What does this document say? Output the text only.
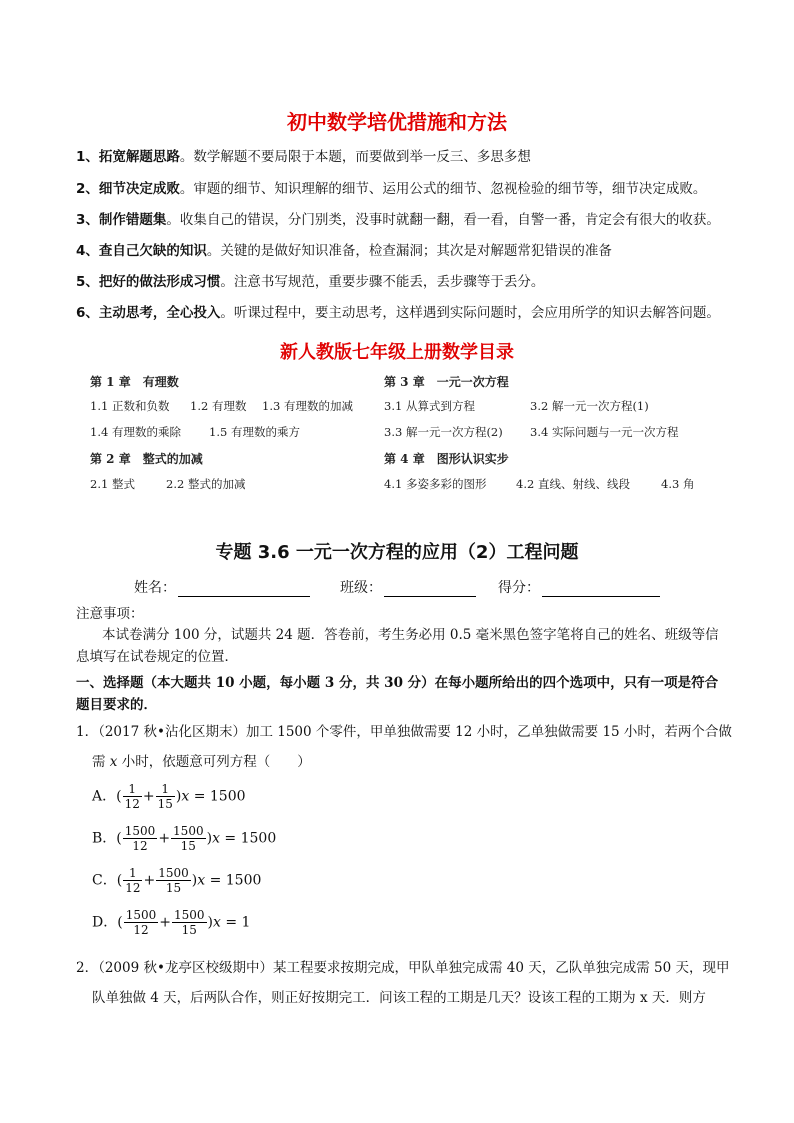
初中数学培优措施和方法
1、拓宽解题思路。数学解题不要局限于本题，而要做到举一反三、多思多想
2、细节决定成败。审题的细节、知识理解的细节、运用公式的细节、忽视检验的细节等，细节决定成败。
3、制作错题集。收集自己的错误，分门别类，没事时就翻一翻，看一看，自警一番，肯定会有很大的收获。
4、查自己欠缺的知识。关键的是做好知识准备，检查漏洞；其次是对解题常犯错误的准备
5、把好的做法形成习惯。注意书写规范，重要步骤不能丢，丢步骤等于丢分。
6、主动思考，全心投入。听课过程中，要主动思考，这样遇到实际问题时，会应用所学的知识去解答问题。
新人教版七年级上册数学目录
第 1 章　有理数
1.1 正数和负数 1.2 有理数 1.3 有理数的加减
1.4 有理数的乘除 1.5 有理数的乘方
第 2 章　整式的加减
2.1 整式	2.2 整式的加减
第 3 章　一元一次方程
3.1 从算式到方程	3.2 解一元一次方程(1)
3.3 解一元一次方程(2) 3.4 实际问题与一元一次方程
第 4 章　图形认识实步
4.1 多姿多彩的图形	4.2 直线、射线、线段	4.3 角
专题 3.6 一元一次方程的应用（2）工程问题
姓名：	班级：	得分：
注意事项：
本试卷满分 100 分，试题共 24 题．答卷前，考生务必用 0.5 毫米黑色签字笔将自己的姓名、班级等信
息填写在试卷规定的位置．
一、选择题（本大题共 10 小题，每小题 3 分，共 30 分）在每小题所给出的四个选项中，只有一项是符合
题目要求的．
1．（2017 秋•沾化区期末）加工 1500 个零件，甲单独做需要 12 小时，乙单独做需要 15 小时，若两个合做
需 x 小时，依题意可列方程（　　）
A．( $\frac{1}{12} + \frac{1}{15} )x = 1500$
B．( $\frac{1500}{12} + \frac{1500}{15} )x = 1500$
C．( $\frac{1}{12} + \frac{1500}{15} )x = 1500$
D．( $\frac{1500}{12} + \frac{1500}{15} )x = 1$
2．（2009 秋•龙亭区校级期中）某工程要求按期完成，甲队单独完成需 40 天，乙队单独完成需 50 天，现甲
队单独做 4 天，后两队合作，则正好按期完工．问该工程的工期是几天？设该工程的工期为 x 天．则方
